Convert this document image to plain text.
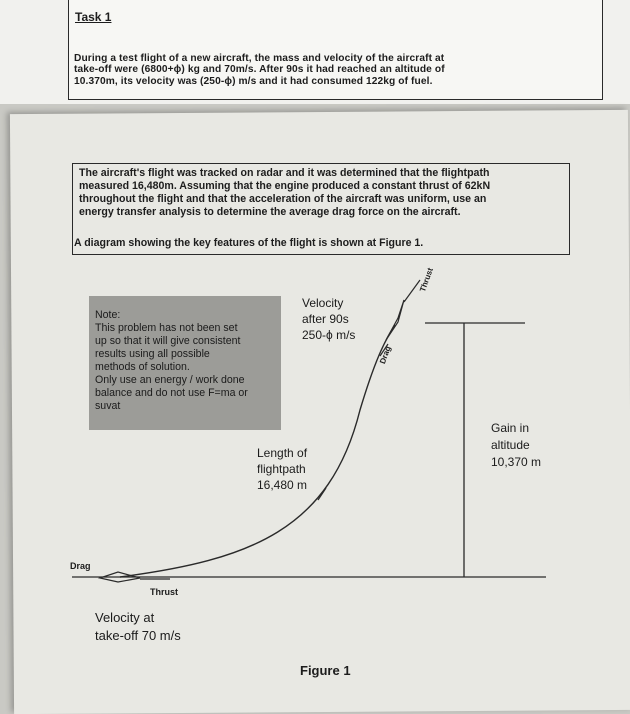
Task 1
During a test flight of a new aircraft, the mass and velocity of the aircraft at
take-off were (6800+ϕ) kg and 70m/s. After 90s it had reached an altitude of
10.370m, its velocity was (250-ϕ) m/s and it had consumed 122kg of fuel.
The aircraft's flight was tracked on radar and it was determined that the flightpath
measured 16,480m. Assuming that the engine produced a constant thrust of 62kN
throughout the flight and that the acceleration of the aircraft was uniform, use an
energy transfer analysis to determine the average drag force on the aircraft.
A diagram showing the key features of the flight is shown at Figure 1.
Note:
This problem has not been set
up so that it will give consistent
results using all possible
methods of solution.
Only use an energy / work done
balance and do not use F=ma or
suvat
Velocity
after 90s
250-ϕ m/s
Thrust
Drag
Length of
flightpath
16,480 m
Gain in
altitude
10,370 m
Drag
Thrust
Velocity at
take-off 70 m/s
Figure 1
